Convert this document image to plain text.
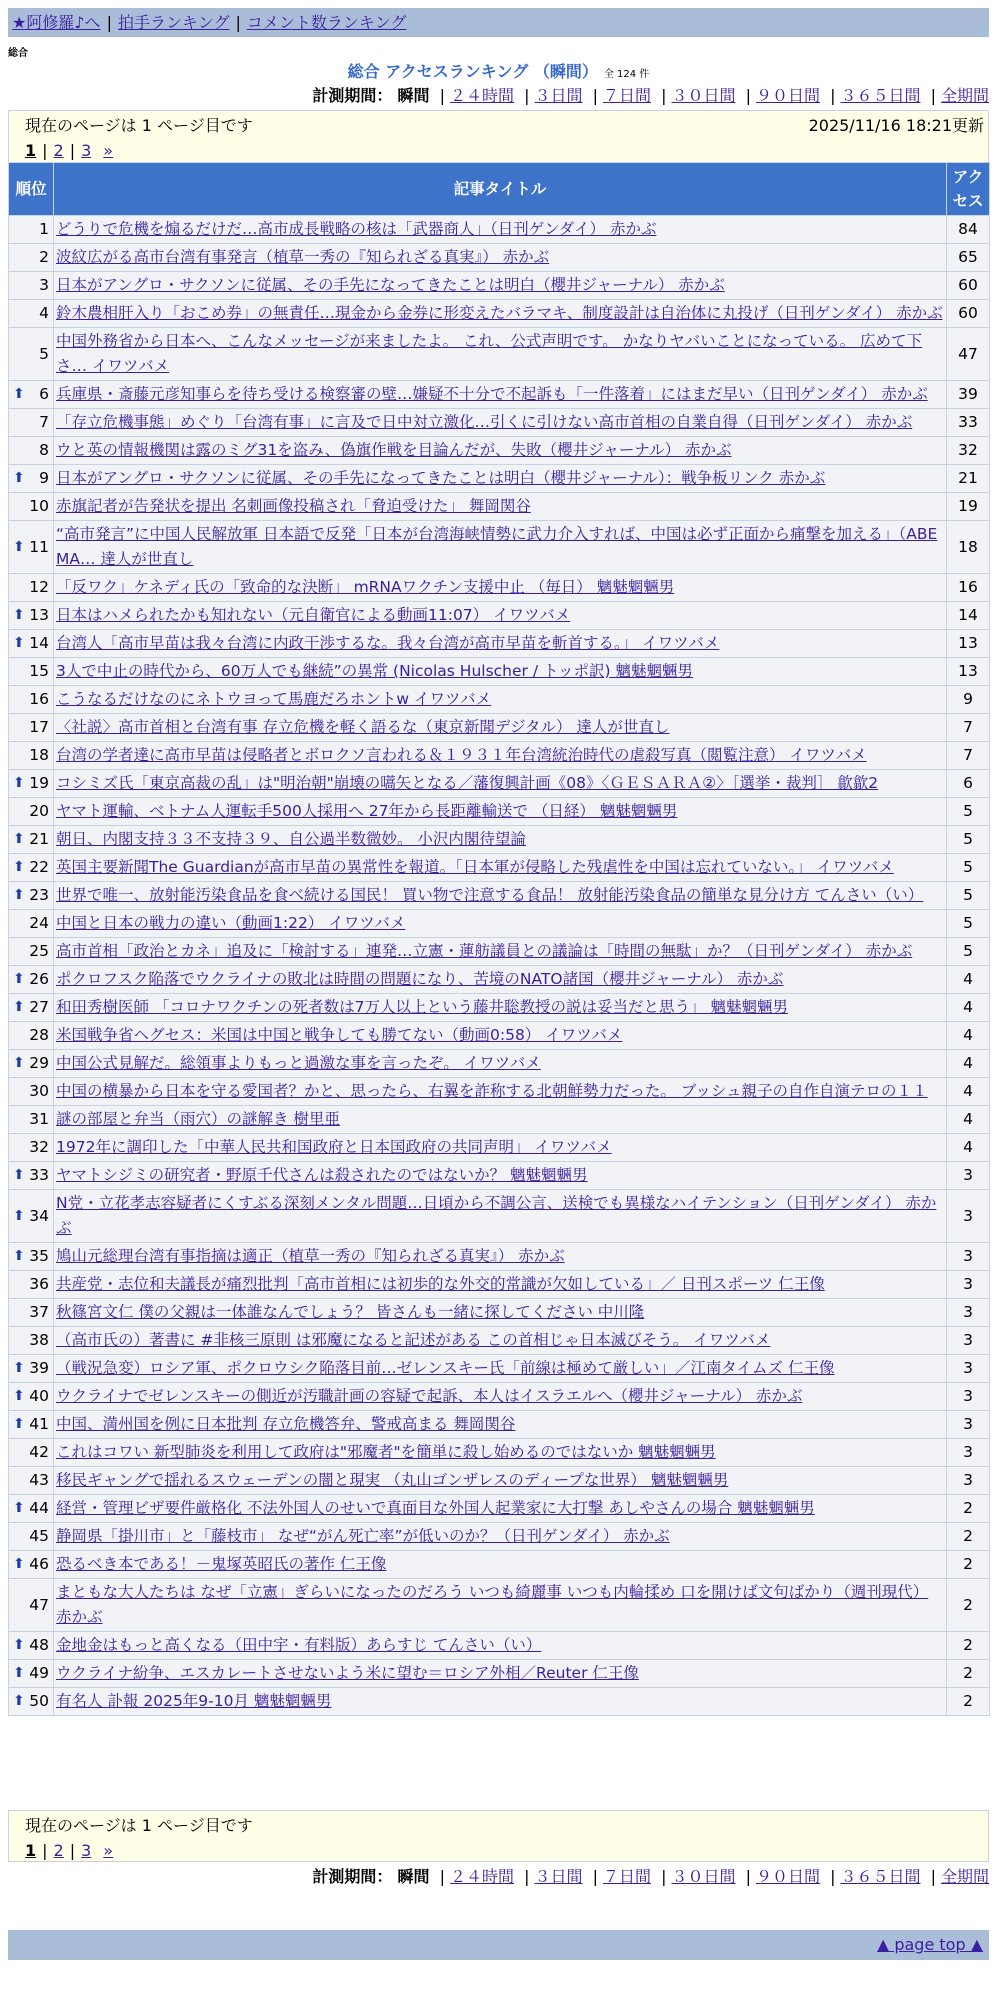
★阿修羅♪へ | 拍手ランキング | コメント数ランキング
総合
総合 アクセスランキング （瞬間） 全 124 件
計測期間： 瞬間 | ２４時間 | ３日間 | ７日間 | ３０日間 | ９０日間 | ３６５日間 | 全期間
現在のページは 1 ページ目です	2025/11/16 18:21更新
1 | 2 | 3 »
順位	記事タイトル	アクセス
1	どうりで危機を煽るだけだ…高市成長戦略の核は「武器商人」（日刊ゲンダイ） 赤かぶ	84
2	波紋広がる高市台湾有事発言（植草一秀の『知られざる真実』） 赤かぶ	65
3	日本がアングロ・サクソンに従属、その手先になってきたことは明白（櫻井ジャーナル） 赤かぶ	60
4	鈴木農相肝入り「おこめ券」の無責任…現金から金券に形変えたバラマキ、制度設計は自治体に丸投げ（日刊ゲンダイ） 赤かぶ	60
5	中国外務省から日本へ、こんなメッセージが来ましたよ。 これ、公式声明です。 かなりヤバいことになっている。 広めて下さ… イワツバメ	47

⬆ 6	兵庫県・斎藤元彦知事らを待ち受ける検察審の壁…嫌疑不十分で不起訴も「一件落着」にはまだ早い（日刊ゲンダイ） 赤かぶ	39
7	「存立危機事態」めぐり「台湾有事」に言及で日中対立激化…引くに引けない高市首相の自業自得（日刊ゲンダイ） 赤かぶ	33
8	ウと英の情報機関は露のミグ31を盗み、偽旗作戦を目論んだが、失敗（櫻井ジャーナル） 赤かぶ	32

⬆ 9	日本がアングロ・サクソンに従属、その手先になってきたことは明白（櫻井ジャーナル）：戦争板リンク 赤かぶ	21
10	赤旗記者が告発状を提出 名刺画像投稿され「脅迫受けた」 舞岡関谷	19

⬆ 11	“高市発言”に中国人民解放軍 日本語で反発「日本が台湾海峡情勢に武力介入すれば、中国は必ず正面から痛撃を加える」（ABEMA… 達人が世直し	18
12	「反ワク」ケネディ氏の「致命的な決断」 mRNAワクチン支援中止 （毎日） 魑魅魍魎男	16

⬆ 13	日本はハメられたかも知れない（元自衛官による動画11:07） イワツバメ	14

⬆ 14	台湾人「高市早苗は我々台湾に内政干渉するな。我々台湾が高市早苗を斬首する。」 イワツバメ	13
15	3人で中止の時代から、60万人でも継続”の異常 (Nicolas Hulscher / トッポ訳) 魑魅魍魎男	13
16	こうなるだけなのにネトウヨって馬鹿だろホントw イワツバメ	9
17	〈社説〉高市首相と台湾有事 存立危機を軽く語るな（東京新聞デジタル） 達人が世直し	7
18	台湾の学者達に高市早苗は侵略者とボロクソ言われる＆１９３１年台湾統治時代の虐殺写真（閲覧注意） イワツバメ	7

⬆ 19	コシミズ氏「東京高裁の乱」は"明治朝"崩壊の嚆矢となる／藩復興計画《08》〈ＧＥＳＡＲＡ②〉［選挙・裁判］ 歙歙2	6
20	ヤマト運輸、ベトナム人運転手500人採用へ 27年から長距離輸送で （日経） 魑魅魍魎男	5

⬆ 21	朝日、内閣支持３３不支持３９、自公過半数微妙。 小沢内閣待望論	5

⬆ 22	英国主要新聞The Guardianが高市早苗の異常性を報道。「日本軍が侵略した残虐性を中国は忘れていない。」 イワツバメ	5

⬆ 23	世界で唯一、放射能汚染食品を食べ続ける国民！ 買い物で注意する食品！ 放射能汚染食品の簡単な見分け方 てんさい（い）	5
24	中国と日本の戦力の違い（動画1:22） イワツバメ	5
25	高市首相「政治とカネ」追及に「検討する」連発…立憲・蓮舫議員との議論は「時間の無駄」か？（日刊ゲンダイ） 赤かぶ	5

⬆ 26	ポクロフスク陥落でウクライナの敗北は時間の問題になり、苦境のNATO諸国（櫻井ジャーナル） 赤かぶ	4

⬆ 27	和田秀樹医師 「コロナワクチンの死者数は7万人以上という藤井聡教授の説は妥当だと思う」 魑魅魍魎男	4
28	米国戦争省ヘグセス：米国は中国と戦争しても勝てない（動画0:58） イワツバメ	4

⬆ 29	中国公式見解だ。総領事よりもっと過激な事を言ったぞ。 イワツバメ	4
30	中国の横暴から日本を守る愛国者？かと、思ったら、右翼を詐称する北朝鮮勢力だった。 ブッシュ親子の自作自演テロの１１	4
31	謎の部屋と弁当（雨穴）の謎解き 樹里亜	4
32	1972年に調印した「中華人民共和国政府と日本国政府の共同声明」 イワツバメ	4

⬆ 33	ヤマトシジミの研究者・野原千代さんは殺されたのではないか？ 魑魅魍魎男	3

⬆ 34	N党・立花孝志容疑者にくすぶる深刻メンタル問題…日頃から不調公言、送検でも異様なハイテンション（日刊ゲンダイ） 赤かぶ	3

⬆ 35	鳩山元総理台湾有事指摘は適正（植草一秀の『知られざる真実』） 赤かぶ	3
36	共産党・志位和夫議長が痛烈批判「高市首相には初歩的な外交的常識が欠如している」／ 日刊スポーツ 仁王像	3
37	秋篠宮文仁 僕の父親は一体誰なんでしょう？ 皆さんも一緒に探してください 中川隆	3
38	（高市氏の）著書に #非核三原則 は邪魔になると記述がある この首相じゃ日本滅びそう。 イワツバメ	3

⬆ 39	（戦況急変）ロシア軍、ポクロウシク陥落目前…ゼレンスキー氏「前線は極めて厳しい」／江南タイムズ 仁王像	3

⬆ 40	ウクライナでゼレンスキーの側近が汚職計画の容疑で起訴、本人はイスラエルへ（櫻井ジャーナル） 赤かぶ	3

⬆ 41	中国、満州国を例に日本批判 存立危機答弁、警戒高まる 舞岡関谷	3
42	これはコワい 新型肺炎を利用して政府は"邪魔者"を簡単に殺し始めるのではないか 魑魅魍魎男	3
43	移民ギャングで揺れるスウェーデンの闇と現実 （丸山ゴンザレスのディープな世界） 魑魅魍魎男	3

⬆ 44	経営・管理ビザ要件厳格化 不法外国人のせいで真面目な外国人起業家に大打撃 あしやさんの場合 魑魅魍魎男	2
45	静岡県「掛川市」と「藤枝市」 なぜ“がん死亡率”が低いのか？（日刊ゲンダイ） 赤かぶ	2

⬆ 46	恐るべき本である！－鬼塚英昭氏の著作 仁王像	2
47	まともな大人たちは なぜ「立憲」ぎらいになったのだろう いつも綺麗事 いつも内輪揉め 口を開けば文句ばかり（週刊現代） 赤かぶ	2

⬆ 48	金地金はもっと高くなる（田中宇・有料版）あらすじ てんさい（い）	2

⬆ 49	ウクライナ紛争、エスカレートさせないよう米に望む＝ロシア外相／Reuter 仁王像	2

⬆ 50	有名人 訃報 2025年9-10月 魑魅魍魎男	2
現在のページは 1 ページ目です
1 | 2 | 3 »
計測期間： 瞬間 | ２４時間 | ３日間 | ７日間 | ３０日間 | ９０日間 | ３６５日間 | 全期間
▲ page top ▲
